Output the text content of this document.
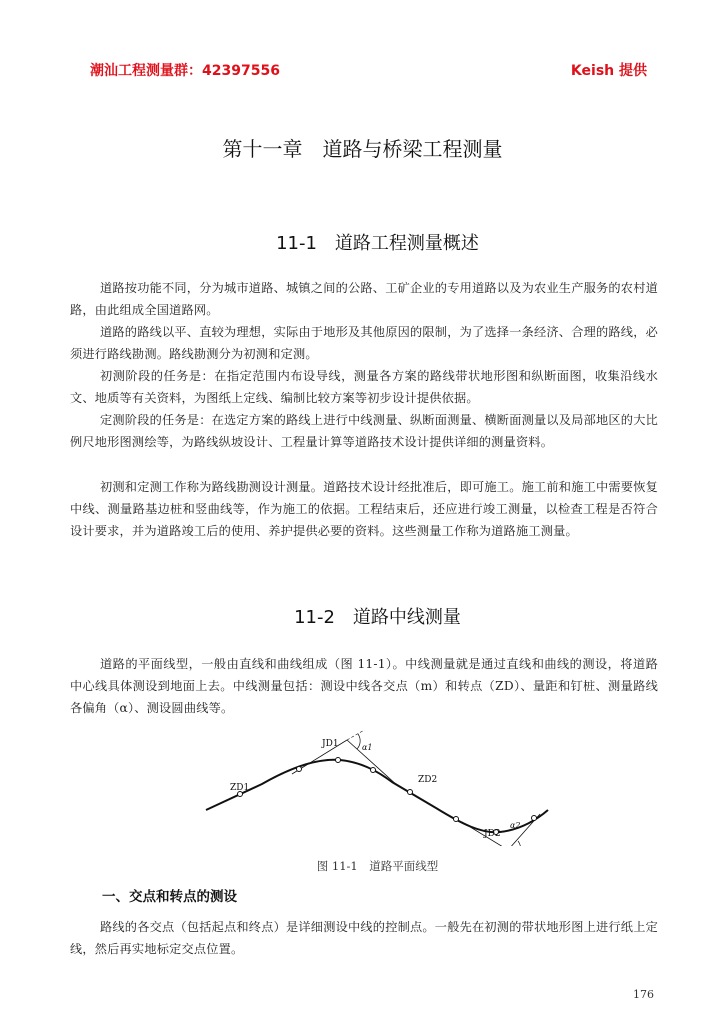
潮汕工程测量群：42397556	Keish 提供
第十一章　道路与桥梁工程测量
11-1　道路工程测量概述

道路按功能不同，分为城市道路、城镇之间的公路、工矿企业的专用道路以及为农业生产服务的农村道路，由此组成全国道路网。

道路的路线以平、直较为理想，实际由于地形及其他原因的限制，为了选择一条经济、合理的路线，必须进行路线勘测。路线勘测分为初测和定测。

初测阶段的任务是：在指定范围内布设导线，测量各方案的路线带状地形图和纵断面图，收集沿线水文、地质等有关资料，为图纸上定线、编制比较方案等初步设计提供依据。

定测阶段的任务是：在选定方案的路线上进行中线测量、纵断面测量、横断面测量以及局部地区的大比例尺地形图测绘等，为路线纵坡设计、工程量计算等道路技术设计提供详细的测量资料。

初测和定测工作称为路线勘测设计测量。道路技术设计经批准后，即可施工。施工前和施工中需要恢复中线、测量路基边桩和竖曲线等，作为施工的依据。工程结束后，还应进行竣工测量，以检查工程是否符合设计要求，并为道路竣工后的使用、养护提供必要的资料。这些测量工作称为道路施工测量。

11-2　道路中线测量

道路的平面线型，一般由直线和曲线组成（图 11-1）。中线测量就是通过直线和曲线的测设，将道路中心线具体测设到地面上去。中线测量包括：测设中线各交点（m）和转点（ZD）、量距和钉桩、测量路线各偏角（α）、测设圆曲线等。

JD1	α1
ZD1
ZD2
JD2
α2
图 11-1　道路平面线型
一、交点和转点的测设

路线的各交点（包括起点和终点）是详细测设中线的控制点。一般先在初测的带状地形图上进行纸上定线，然后再实地标定交点位置。

176
